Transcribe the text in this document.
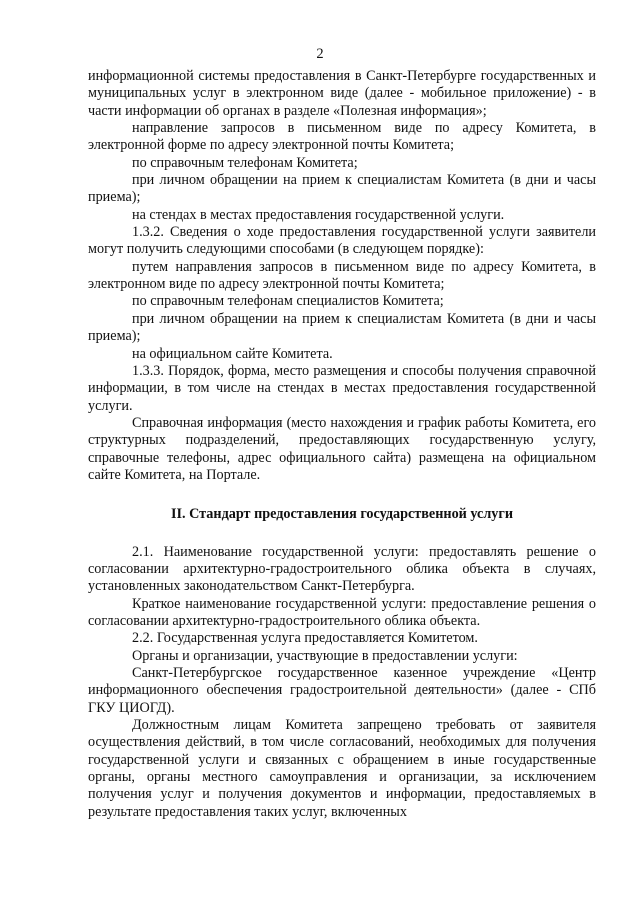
2

информационной системы предоставления в Санкт-Петербурге государственных и муниципальных услуг в электронном виде (далее - мобильное приложение) - в части информации об органах в разделе «Полезная информация»;

направление запросов в письменном виде по адресу Комитета, в электронной форме по адресу электронной почты Комитета;

по справочным телефонам Комитета;

при личном обращении на прием к специалистам Комитета (в дни и часы приема);

на стендах в местах предоставления государственной услуги.

1.3.2. Сведения о ходе предоставления государственной услуги заявители могут получить следующими способами (в следующем порядке):

путем направления запросов в письменном виде по адресу Комитета, в электронном виде по адресу электронной почты Комитета;

по справочным телефонам специалистов Комитета;

при личном обращении на прием к специалистам Комитета (в дни и часы приема);

на официальном сайте Комитета.

1.3.3. Порядок, форма, место размещения и способы получения справочной информации, в том числе на стендах в местах предоставления государственной услуги.

Справочная информация (место нахождения и график работы Комитета, его структурных подразделений, предоставляющих государственную услугу, справочные телефоны, адрес официального сайта) размещена на официальном сайте Комитета, на Портале.

II. Стандарт предоставления государственной услуги

2.1. Наименование государственной услуги: предоставлять решение о согласовании архитектурно-градостроительного облика объекта в случаях, установленных законодательством Санкт-Петербурга.

Краткое наименование государственной услуги: предоставление решения о согласовании архитектурно-градостроительного облика объекта.

2.2. Государственная услуга предоставляется Комитетом.

Органы и организации, участвующие в предоставлении услуги:

Санкт-Петербургское государственное казенное учреждение «Центр информационного обеспечения градостроительной деятельности» (далее - СПб ГКУ ЦИОГД).

Должностным лицам Комитета запрещено требовать от заявителя осуществления действий, в том числе согласований, необходимых для получения государственной услуги и связанных с обращением в иные государственные органы, органы местного самоуправления и организации, за исключением получения услуг и получения документов и информации, предоставляемых в результате предоставления таких услуг, включенных
